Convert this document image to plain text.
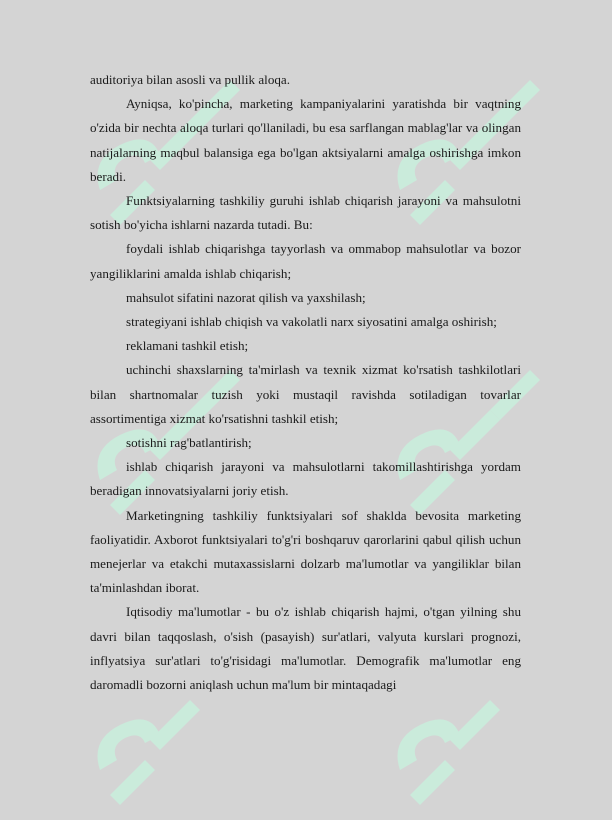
auditoriya bilan asosli va pullik aloqa.

Ayniqsa, ko'pincha, marketing kampaniyalarini yaratishda bir vaqtning o'zida bir nechta aloqa turlari qo'llaniladi, bu esa sarflangan mablag'lar va olingan natijalarning maqbul balansiga ega bo'lgan aktsiyalarni amalga oshirishga imkon beradi.

Funktsiyalarning tashkiliy guruhi ishlab chiqarish jarayoni va mahsulotni sotish bo'yicha ishlarni nazarda tutadi. Bu:

foydali ishlab chiqarishga tayyorlash va ommabop mahsulotlar va bozor yangiliklarini amalda ishlab chiqarish;

mahsulot sifatini nazorat qilish va yaxshilash;

strategiyani ishlab chiqish va vakolatli narx siyosatini amalga oshirish;

reklamani tashkil etish;

uchinchi shaxslarning ta'mirlash va texnik xizmat ko'rsatish tashkilotlari bilan shartnomalar tuzish yoki mustaqil ravishda sotiladigan tovarlar assortimentiga xizmat ko'rsatishni tashkil etish;

sotishni rag'batlantirish;

ishlab chiqarish jarayoni va mahsulotlarni takomillashtirishga yordam beradigan innovatsiyalarni joriy etish.

Marketingning tashkiliy funktsiyalari sof shaklda bevosita marketing faoliyatidir. Axborot funktsiyalari to'g'ri boshqaruv qarorlarini qabul qilish uchun menejerlar va etakchi mutaxassislarni dolzarb ma'lumotlar va yangiliklar bilan ta'minlashdan iborat.

Iqtisodiy ma'lumotlar - bu o'z ishlab chiqarish hajmi, o'tgan yilning shu davri bilan taqqoslash, o'sish (pasayish) sur'atlari, valyuta kurslari prognozi, inflyatsiya sur'atlari to'g'risidagi ma'lumotlar. Demografik ma'lumotlar eng daromadli bozorni aniqlash uchun ma'lum bir mintaqadagi
